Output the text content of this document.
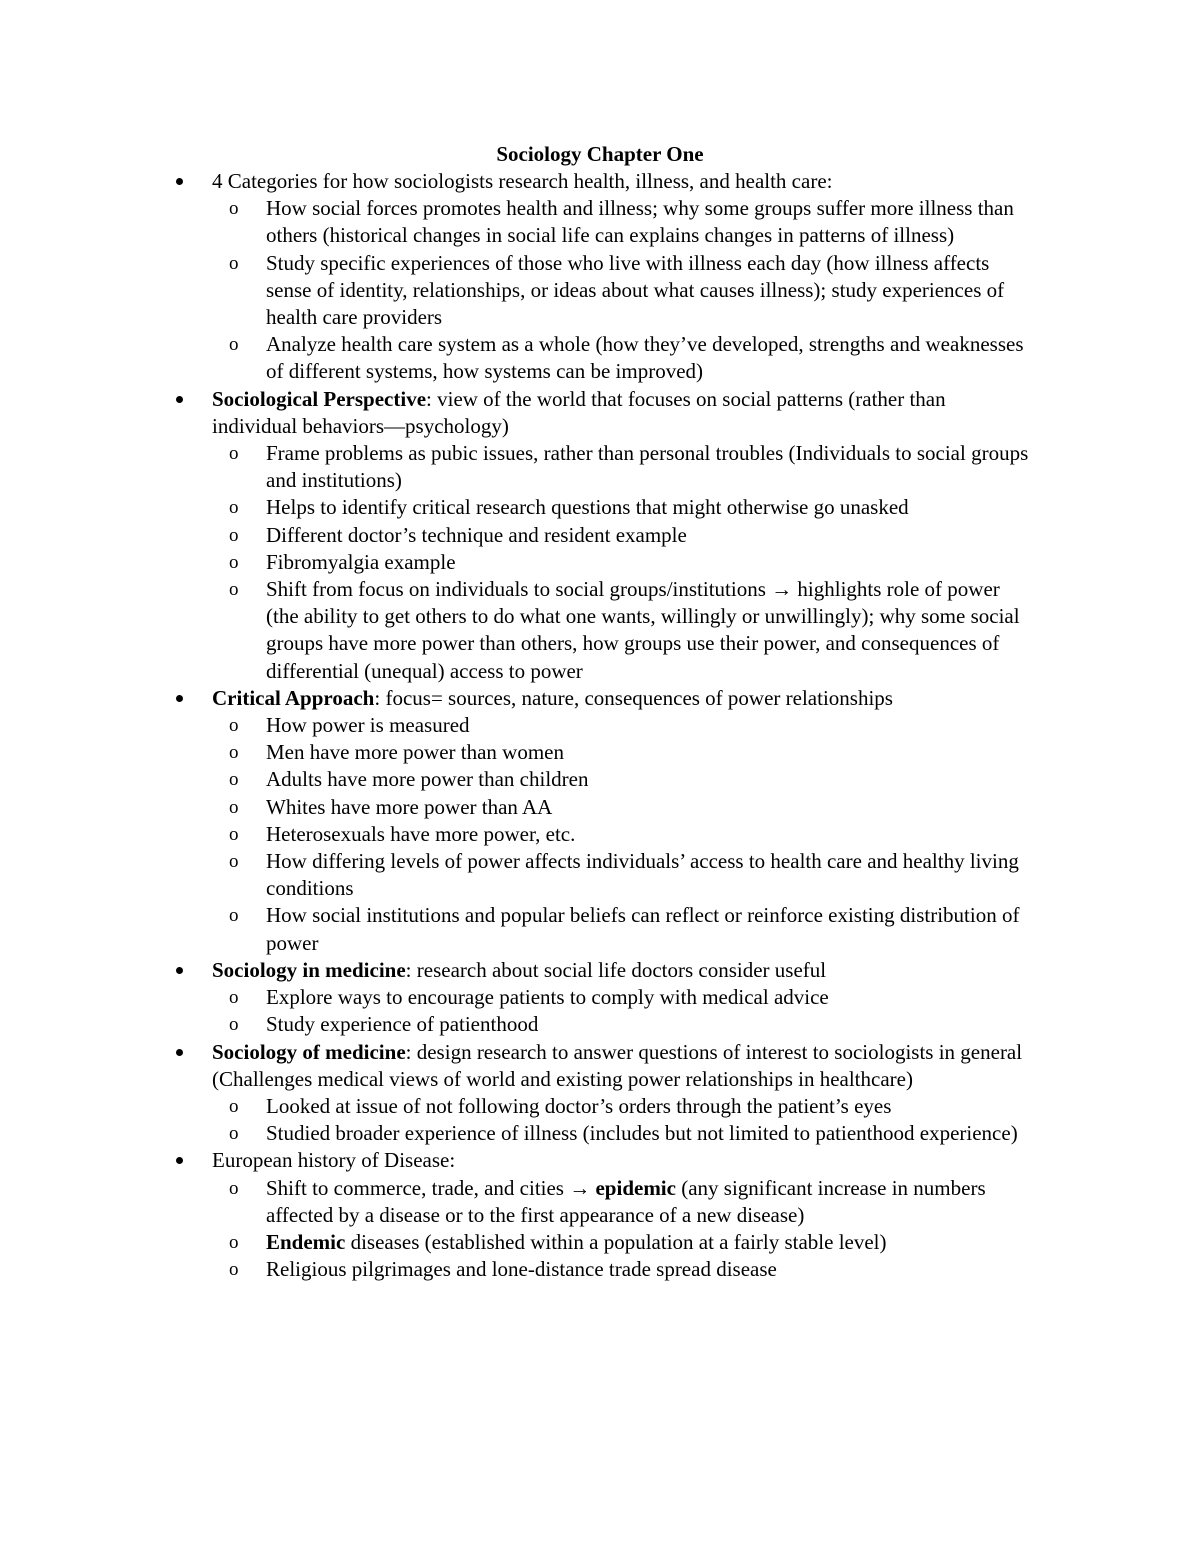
Sociology Chapter One
4 Categories for how sociologists research health, illness, and health care:
o How social forces promotes health and illness; why some groups suffer more illness than others (historical changes in social life can explains changes in patterns of illness)
o Study specific experiences of those who live with illness each day (how illness affects sense of identity, relationships, or ideas about what causes illness); study experiences of health care providers
o Analyze health care system as a whole (how they’ve developed, strengths and weaknesses of different systems, how systems can be improved)
Sociological Perspective: view of the world that focuses on social patterns (rather than individual behaviors—psychology)
o Frame problems as pubic issues, rather than personal troubles (Individuals to social groups and institutions)
o Helps to identify critical research questions that might otherwise go unasked
o Different doctor’s technique and resident example
o Fibromyalgia example
o Shift from focus on individuals to social groups/institutions → highlights role of power (the ability to get others to do what one wants, willingly or unwillingly); why some social groups have more power than others, how groups use their power, and consequences of differential (unequal) access to power
Critical Approach: focus= sources, nature, consequences of power relationships
o How power is measured
o Men have more power than women
o Adults have more power than children
o Whites have more power than AA
o Heterosexuals have more power, etc.
o How differing levels of power affects individuals’ access to health care and healthy living conditions
o How social institutions and popular beliefs can reflect or reinforce existing distribution of power
Sociology in medicine: research about social life doctors consider useful
o Explore ways to encourage patients to comply with medical advice
o Study experience of patienthood
Sociology of medicine: design research to answer questions of interest to sociologists in general (Challenges medical views of world and existing power relationships in healthcare)
o Looked at issue of not following doctor’s orders through the patient’s eyes
o Studied broader experience of illness (includes but not limited to patienthood experience)
European history of Disease:
o Shift to commerce, trade, and cities → epidemic (any significant increase in numbers affected by a disease or to the first appearance of a new disease)
o Endemic diseases (established within a population at a fairly stable level)
o Religious pilgrimages and lone-distance trade spread disease
